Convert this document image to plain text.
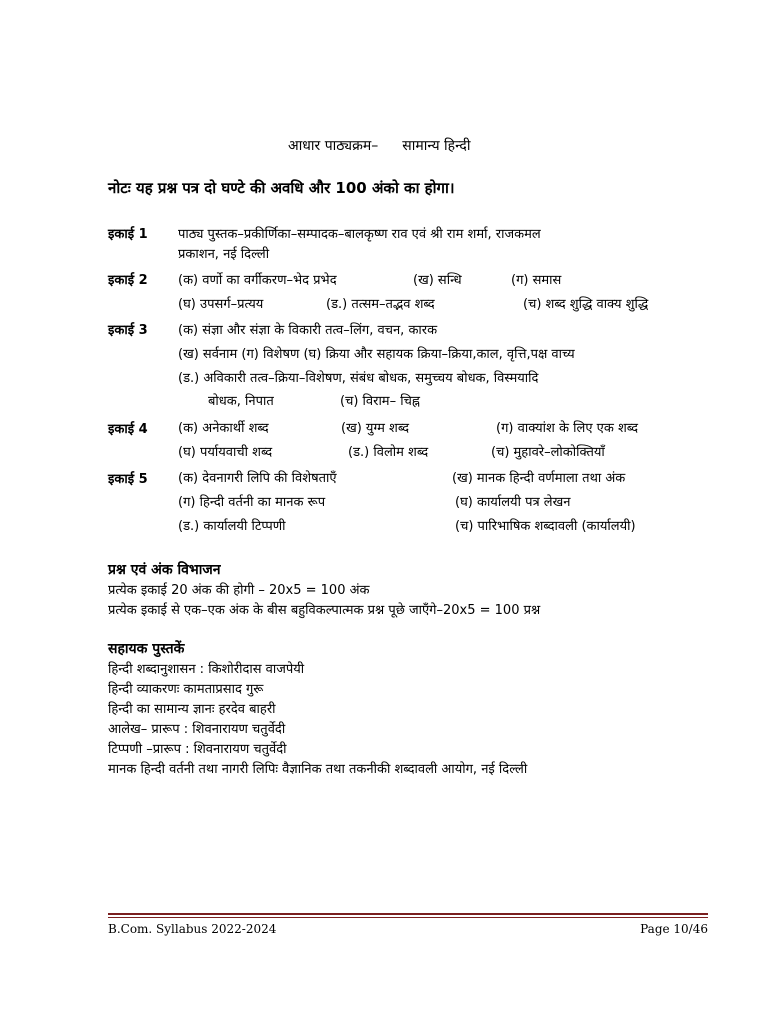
आधार पाठ्यक्रम– सामान्य हिन्दी
नोटः यह प्रश्न पत्र दो घण्टे की अवधि और 100 अंको का होगा।
इकाई 1 पाठ्य पुस्तक–प्रकीर्णिका–सम्पादक–बालकृष्ण राव एवं श्री राम शर्मा, राजकमल
प्रकाशन, नई दिल्ली
इकाई 2 (क) वर्णो का वर्गीकरण–भेद प्रभेद	(ख) सन्धि	(ग) समास
(घ) उपसर्ग–प्रत्यय	(ड.) तत्सम–तद्भव शब्द	(च) शब्द शुद्धि वाक्य शुद्धि
इकाई 3 (क) संज्ञा और संज्ञा के विकारी तत्व–लिंग, वचन, कारक
(ख) सर्वनाम (ग) विशेषण (घ) क्रिया और सहायक क्रिया–क्रिया,काल, वृत्ति,पक्ष वाच्य
(ड.) अविकारी तत्व–क्रिया–विशेषण, संबंध बोधक, समुच्चय बोधक, विस्मयादि
बोधक, निपात	(च) विराम– चिह्न
इकाई 4 (क) अनेकार्थी शब्द	(ख) युग्म शब्द	(ग) वाक्यांश के लिए एक शब्द
(घ) पर्यायवाची शब्द	(ड.) विलोम शब्द	(च) मुहावरे–लोकोक्तियाँ
इकाई 5 (क) देवनागरी लिपि की विशेषताएँ	(ख) मानक हिन्दी वर्णमाला तथा अंक
(ग) हिन्दी वर्तनी का मानक रूप	(घ) कार्यालयी पत्र लेखन
(ड.) कार्यालयी टिप्पणी	(च) पारिभाषिक शब्दावली (कार्यालयी)
प्रश्न एवं अंक विभाजन
प्रत्येक इकाई 20 अंक की होगी – 20x5 = 100 अंक
प्रत्येक इकाई से एक–एक अंक के बीस बहुविकल्पात्मक प्रश्न पूछे जाएँगे–20x5 = 100 प्रश्न
सहायक पुस्तकें
हिन्दी शब्दानुशासन : किशोरीदास वाजपेयी
हिन्दी व्याकरणः कामताप्रसाद गुरू
हिन्दी का सामान्य ज्ञानः हरदेव बाहरी
आलेख– प्रारूप : शिवनारायण चतुर्वेदी
टिप्पणी –प्रारूप : शिवनारायण चतुर्वेदी
मानक हिन्दी वर्तनी तथा नागरी लिपिः वैज्ञानिक तथा तकनीकी शब्दावली आयोग, नई दिल्ली
B.Com. Syllabus 2022-2024	Page 10/46
